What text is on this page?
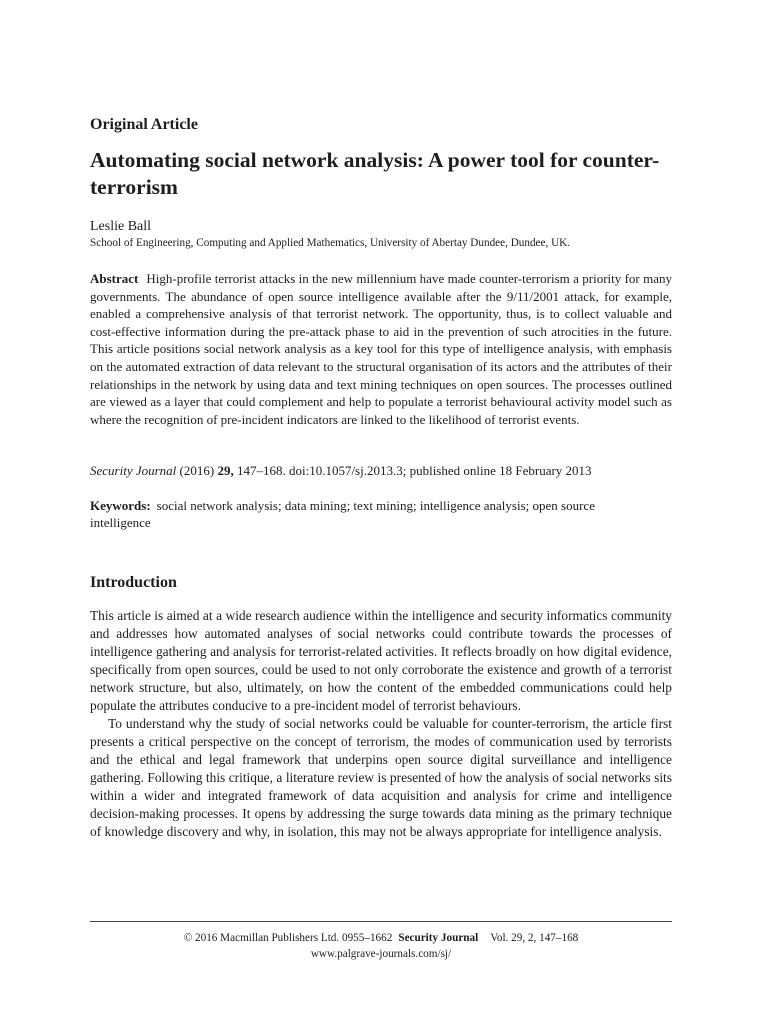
Original Article
Automating social network analysis: A power tool for counter-terrorism
Leslie Ball
School of Engineering, Computing and Applied Mathematics, University of Abertay Dundee, Dundee, UK.

Abstract High-profile terrorist attacks in the new millennium have made counter-terrorism a priority for many governments. The abundance of open source intelligence available after the 9/11/2001 attack, for example, enabled a comprehensive analysis of that terrorist network. The opportunity, thus, is to collect valuable and cost-effective information during the pre-attack phase to aid in the prevention of such atrocities in the future. This article positions social network analysis as a key tool for this type of intelligence analysis, with emphasis on the automated extraction of data relevant to the structural organisation of its actors and the attributes of their relationships in the network by using data and text mining techniques on open sources. The processes outlined are viewed as a layer that could complement and help to populate a terrorist behavioural activity model such as where the recognition of pre-incident indicators are linked to the likelihood of terrorist events.

Security Journal (2016) 29, 147–168. doi:10.1057/sj.2013.3; published online 18 February 2013

Keywords: social network analysis; data mining; text mining; intelligence analysis; open source intelligence

Introduction

This article is aimed at a wide research audience within the intelligence and security informatics community and addresses how automated analyses of social networks could contribute towards the processes of intelligence gathering and analysis for terrorist-related activities. It reflects broadly on how digital evidence, specifically from open sources, could be used to not only corroborate the existence and growth of a terrorist network structure, but also, ultimately, on how the content of the embedded communications could help populate the attributes conducive to a pre-incident model of terrorist behaviours.

To understand why the study of social networks could be valuable for counter-terrorism, the article first presents a critical perspective on the concept of terrorism, the modes of communication used by terrorists and the ethical and legal framework that underpins open source digital surveillance and intelligence gathering. Following this critique, a literature review is presented of how the analysis of social networks sits within a wider and integrated framework of data acquisition and analysis for crime and intelligence decision-making processes. It opens by addressing the surge towards data mining as the primary technique of knowledge discovery and why, in isolation, this may not be always appropriate for intelligence analysis.

© 2016 Macmillan Publishers Ltd. 0955–1662 Security Journal Vol. 29, 2, 147–168
www.palgrave-journals.com/sj/
